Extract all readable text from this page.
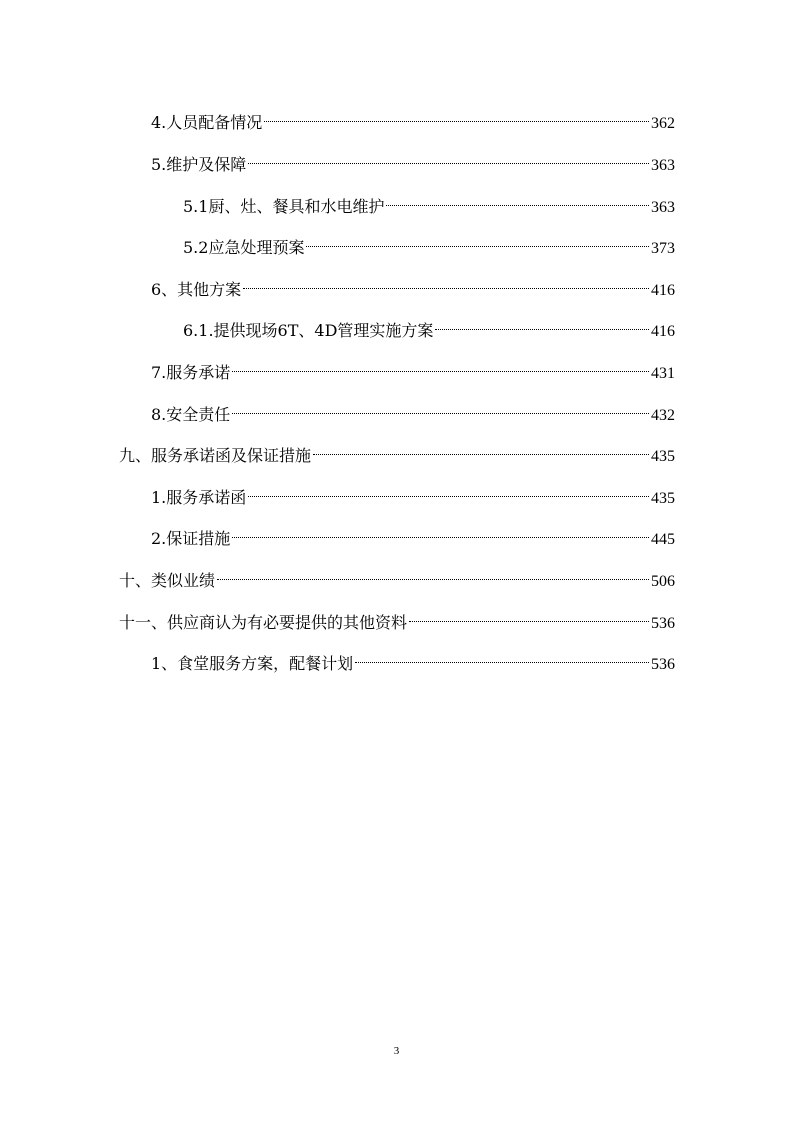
4.人员配备情况	362
5.维护及保障	363
5.1厨、灶、餐具和水电维护	363
5.2应急处理预案	373
6、其他方案	416
6.1.提供现场6T、4D管理实施方案	416
7.服务承诺	431
8.安全责任	432
九、服务承诺函及保证措施	435
1.服务承诺函	435
2.保证措施	445
十、类似业绩	506
十一、供应商认为有必要提供的其他资料	536
1、食堂服务方案，配餐计划	536
3
